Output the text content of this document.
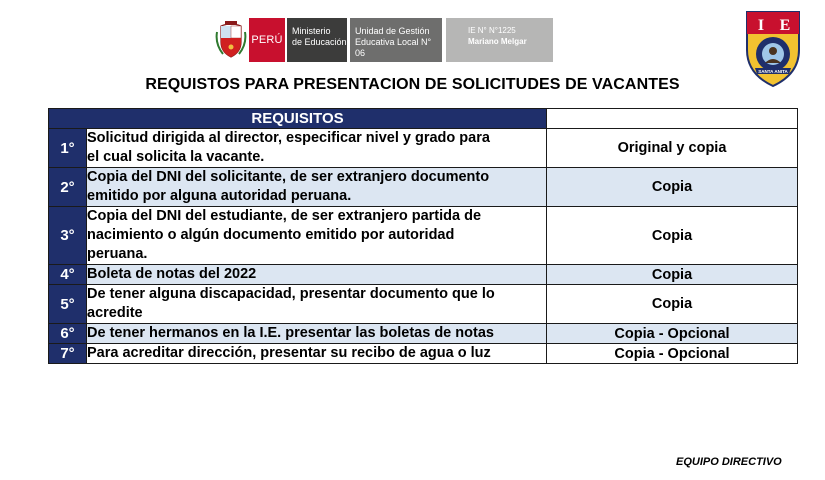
PERÚ
Ministerio
de Educación
Unidad de Gestión
Educativa Local N° 06
IE N° N°1225
Mariano Melgar
I E
SANTA ANITA
REQUISTOS PARA PRESENTACION DE SOLICITUDES DE VACANTES
REQUISITOS		
1°	Solicitud dirigida al director, especificar nivel y grado para
el cual solicita la vacante.	Original y copia
2°	Copia del DNI del solicitante, de ser extranjero documento
emitido por alguna autoridad peruana.	Copia
3°	Copia del DNI del estudiante, de ser extranjero partida de
nacimiento o algún documento emitido por autoridad
peruana.	Copia
4°	Boleta de notas del 2022	Copia
5°	De tener alguna discapacidad, presentar documento que lo
acredite	Copia
6°	De tener hermanos en la I.E. presentar las boletas de notas	Copia - Opcional
7°	Para acreditar dirección, presentar su recibo de agua o luz	Copia - Opcional
EQUIPO DIRECTIVO
